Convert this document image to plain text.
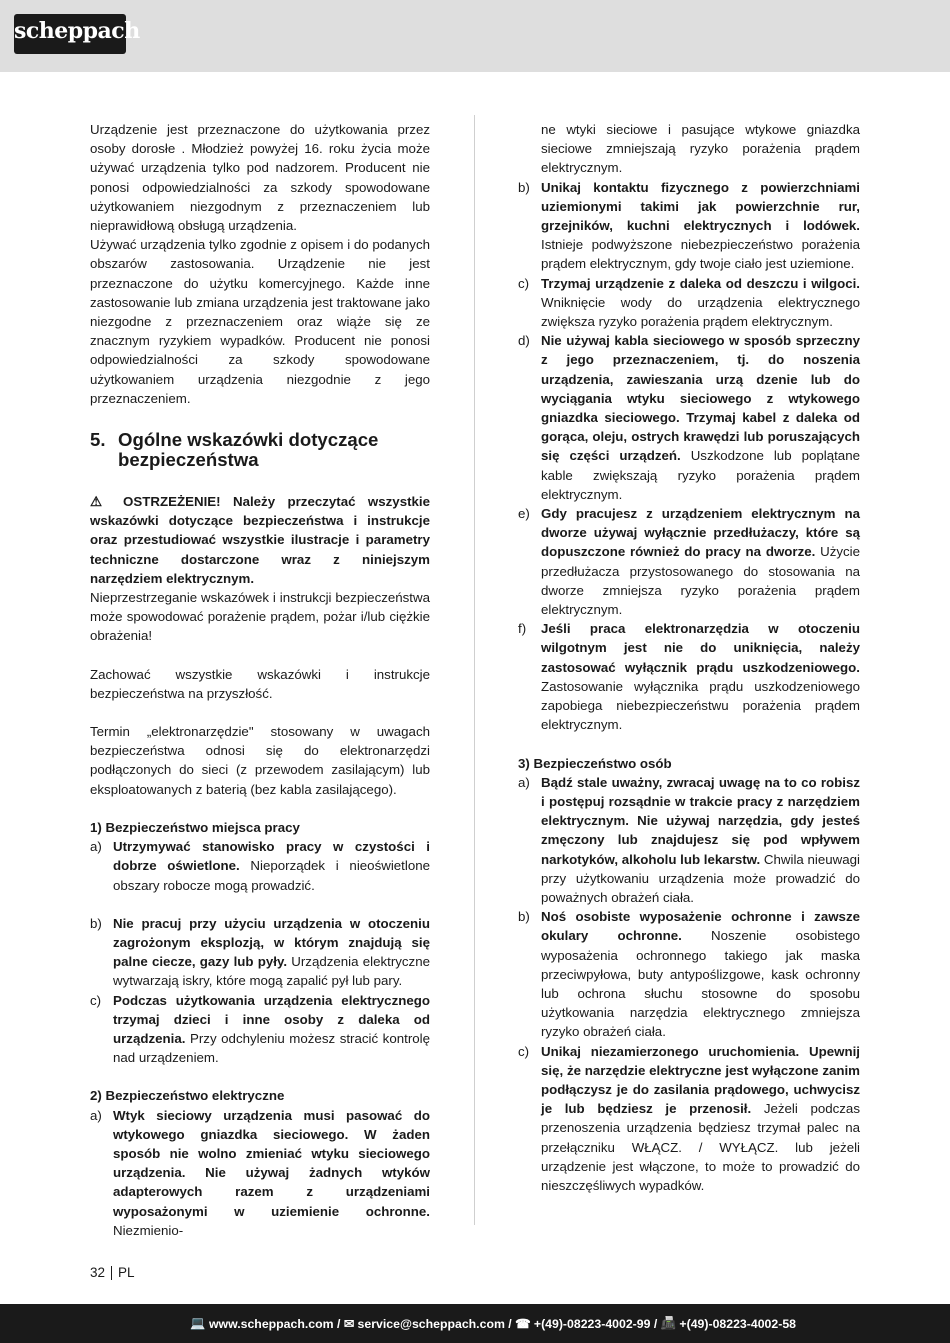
scheppach

Urządzenie jest przeznaczone do użytkowania przez osoby dorosłe . Młodzież powyżej 16. roku życia może używać urządzenia tylko pod nadzorem. Producent nie ponosi odpowiedzialności za szkody spowodowane użytkowaniem niezgodnym z przeznaczeniem lub nieprawidłową obsługą urządzenia.

Używać urządzenia tylko zgodnie z opisem i do podanych obszarów zastosowania. Urządzenie nie jest przeznaczone do użytku komercyjnego. Każde inne zastosowanie lub zmiana urządzenia jest traktowane jako niezgodne z przeznaczeniem oraz wiąże się ze znacznym ryzykiem wypadków. Producent nie ponosi odpowiedzialności za szkody spowodowane użytkowaniem urządzenia niezgodnie z jego przeznaczeniem.

5. Ogólne wskazówki dotyczące bezpieczeństwa

⚠ OSTRZEŻENIE! Należy przeczytać wszystkie wskazówki dotyczące bezpieczeństwa i instrukcje oraz przestudiować wszystkie ilustracje i parametry techniczne dostarczone wraz z niniejszym narzędziem elektrycznym.

Nieprzestrzeganie wskazówek i instrukcji bezpieczeństwa może spowodować porażenie prądem, pożar i/lub ciężkie obrażenia!

Zachować wszystkie wskazówki i instrukcje bezpieczeństwa na przyszłość.

Termin „elektronarzędzie" stosowany w uwagach bezpieczeństwa odnosi się do elektronarzędzi podłączonych do sieci (z przewodem zasilającym) lub eksploatowanych z baterią (bez kabla zasilającego).

1) Bezpieczeństwo miejsca pracy

a) Utrzymywać stanowisko pracy w czystości i dobrze oświetlone. Nieporządek i nieoświetlone obszary robocze mogą prowadzić.
b) Nie pracuj przy użyciu urządzenia w otoczeniu zagrożonym eksplozją, w którym znajdują się palne ciecze, gazy lub pyły. Urządzenia elektryczne wytwarzają iskry, które mogą zapalić pył lub pary.
c) Podczas użytkowania urządzenia elektrycznego trzymaj dzieci i inne osoby z daleka od urządzenia. Przy odchyleniu możesz stracić kontrolę nad urządzeniem.

2) Bezpieczeństwo elektryczne

a) Wtyk sieciowy urządzenia musi pasować do wtykowego gniazdka sieciowego. W żaden sposób nie wolno zmieniać wtyku sieciowego urządzenia. Nie używaj żadnych wtyków adapterowych razem z urządzeniami wyposażonymi w uziemienie ochronne. Niezmienio-
ne wtyki sieciowe i pasujące wtykowe gniazdka sieciowe zmniejszają ryzyko porażenia prądem elektrycznym.
b) Unikaj kontaktu fizycznego z powierzchniami uziemionymi takimi jak powierzchnie rur, grzejników, kuchni elektrycznych i lodówek. Istnieje podwyższone niebezpieczeństwo porażenia prądem elektrycznym, gdy twoje ciało jest uziemione.
c) Trzymaj urządzenie z daleka od deszczu i wilgoci. Wniknięcie wody do urządzenia elektrycznego zwiększa ryzyko porażenia prądem elektrycznym.
d) Nie używaj kabla sieciowego w sposób sprzeczny z jego przeznaczeniem, tj. do noszenia urządzenia, zawieszania urzą dzenie lub do wyciągania wtyku sieciowego z wtykowego gniazdka sieciowego. Trzymaj kabel z daleka od gorąca, oleju, ostrych krawędzi lub poruszających się części urządzeń. Uszkodzone lub poplątane kable zwiększają ryzyko porażenia prądem elektrycznym.
e) Gdy pracujesz z urządzeniem elektrycznym na dworze używaj wyłącznie przedłużaczy, które są dopuszczone również do pracy na dworze. Użycie przedłużacza przystosowanego do stosowania na dworze zmniejsza ryzyko porażenia prądem elektrycznym.
f)	Jeśli praca elektronarzędzia w otoczeniu wilgotnym jest nie do uniknięcia, należy zastosować wyłącznik prądu uszkodzeniowego. Zastosowanie wyłącznika prądu uszkodzeniowego zapobiega niebezpieczeństwu porażenia prądem elektrycznym.

3) Bezpieczeństwo osób

a) Bądź stale uważny, zwracaj uwagę na to co robisz i postępuj rozsądnie w trakcie pracy z narzędziem elektrycznym. Nie używaj narzędzia, gdy jesteś zmęczony lub znajdujesz się pod wpływem narkotyków, alkoholu lub lekarstw. Chwila nieuwagi przy użytkowaniu urządzenia może prowadzić do poważnych obrażeń ciała.
b) Noś osobiste wyposażenie ochronne i zawsze okulary ochronne. Noszenie osobistego wyposażenia ochronnego takiego jak maska przeciwpyłowa, buty antypoślizgowe, kask ochronny lub ochrona słuchu stosowne do sposobu użytkowania narzędzia elektrycznego zmniejsza ryzyko obrażeń ciała.
c) Unikaj niezamierzonego uruchomienia. Upewnij się, że narzędzie elektryczne jest wyłączone zanim podłączysz je do zasilania prądowego, uchwycisz je lub będziesz je przenosił. Jeżeli podczas przenoszenia urządzenia będziesz trzymał palec na przełączniku WŁĄCZ. / WYŁĄCZ. lub jeżeli urządzenie jest włączone, to może to prowadzić do nieszczęśliwych wypadków.
32 PL
💻 www.scheppach.com / ✉ service@scheppach.com / ☎ +(49)-08223-4002-99 / 📠 +(49)-08223-4002-58
